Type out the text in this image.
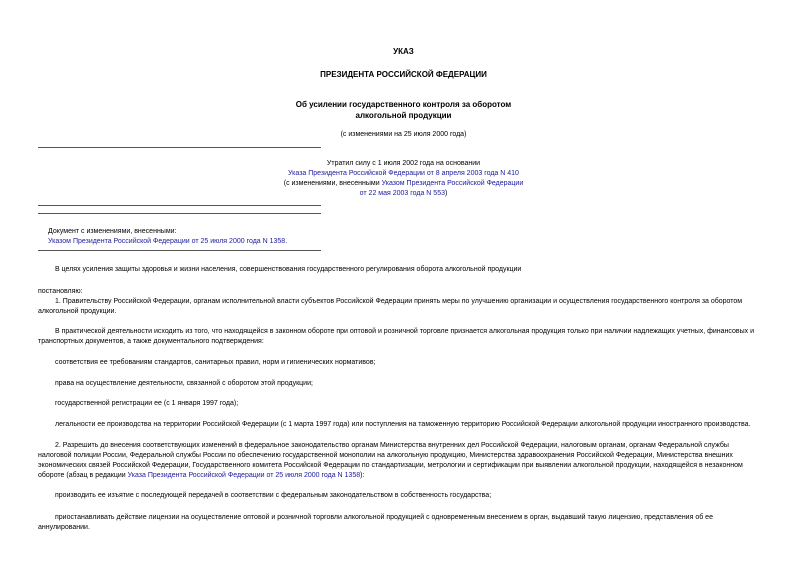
УКАЗ
ПРЕЗИДЕНТА РОССИЙСКОЙ ФЕДЕРАЦИИ
Об усилении государственного контроля за оборотом
алкогольной продукции
(с изменениями на 25 июля 2000 года)
Утратил силу с 1 июля 2002 года на основании
Указа Президента Российской Федерации от 8 апреля 2003 года N 410
(с изменениями, внесенными Указом Президента Российской Федерации
от 22 мая 2003 года N 553)
Документ с изменениями, внесенными:
Указом Президента Российской Федерации от 25 июля 2000 года N 1358.
В целях усиления защиты здоровья и жизни населения, совершенствования государственного регулирования оборота алкогольной продукции
постановляю:
1. Правительству Российской Федерации, органам исполнительной власти субъектов Российской Федерации принять меры по улучшению организации и осуществления государственного контроля за оборотом
алкогольной продукции.
В практической деятельности исходить из того, что находящейся в законном обороте при оптовой и розничной торговле признается алкогольная продукция только при наличии надлежащих учетных, финансовых и
транспортных документов, а также документального подтверждения:
соответствия ее требованиям стандартов, санитарных правил, норм и гигиенических нормативов;
права на осуществление деятельности, связанной с оборотом этой продукции;
государственной регистрации ее (с 1 января 1997 года);
легальности ее производства на территории Российской Федерации (с 1 марта 1997 года) или поступления на таможенную территорию Российской Федерации алкогольной продукции иностранного производства.
2. Разрешить до внесения соответствующих изменений в федеральное законодательство органам Министерства внутренних дел Российской Федерации, налоговым органам, органам Федеральной службы
налоговой полиции России, Федеральной службы России по обеспечению государственной монополии на алкогольную продукцию, Министерства здравоохранения Российской Федерации, Министерства внешних
экономических связей Российской Федерации, Государственного комитета Российской Федерации по стандартизации, метрологии и сертификации при выявлении алкогольной продукции, находящейся в незаконном
обороте (абзац в редакции Указа Президента Российской Федерации от 25 июля 2000 года N 1358):
производить ее изъятие с последующей передачей в соответствии с федеральным законодательством в собственность государства;
приостанавливать действие лицензии на осуществление оптовой и розничной торговли алкогольной продукцией с одновременным внесением в орган, выдавший такую лицензию, представления об ее
аннулировании.
